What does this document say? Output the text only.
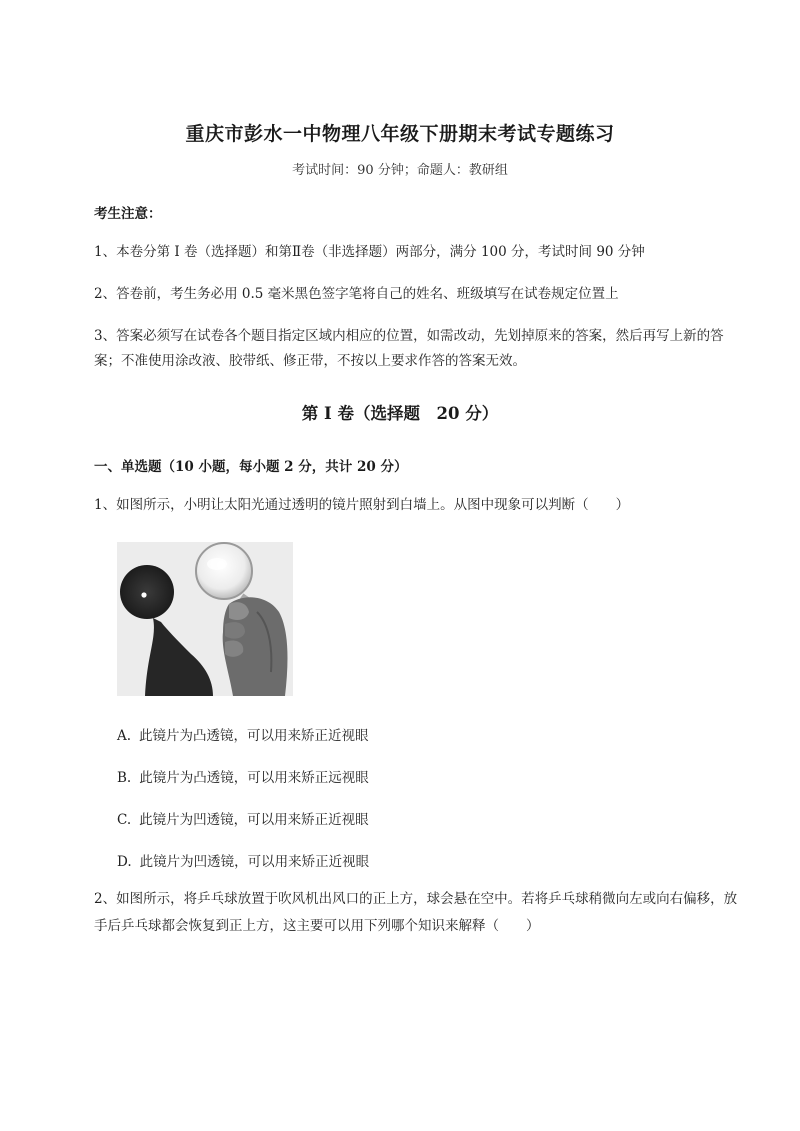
重庆市彭水一中物理八年级下册期末考试专题练习
考试时间：90 分钟；命题人：教研组
考生注意：
1、本卷分第 I 卷（选择题）和第Ⅱ卷（非选择题）两部分，满分 100 分，考试时间 90 分钟
2、答卷前，考生务必用 0.5 毫米黑色签字笔将自己的姓名、班级填写在试卷规定位置上
3、答案必须写在试卷各个题目指定区域内相应的位置，如需改动，先划掉原来的答案，然后再写上新的答案；不准使用涂改液、胶带纸、修正带，不按以上要求作答的答案无效。
第 I 卷（选择题　20 分）
一、单选题（10 小题，每小题 2 分，共计 20 分）
1、如图所示，小明让太阳光通过透明的镜片照射到白墙上。从图中现象可以判断（　　）
A. 此镜片为凸透镜，可以用来矫正近视眼
B. 此镜片为凸透镜，可以用来矫正远视眼
C. 此镜片为凹透镜，可以用来矫正近视眼
D. 此镜片为凹透镜，可以用来矫正近视眼
2、如图所示，将乒乓球放置于吹风机出风口的正上方，球会悬在空中。若将乒乓球稍微向左或向右偏移，放手后乒乓球都会恢复到正上方，这主要可以用下列哪个知识来解释（　　）
